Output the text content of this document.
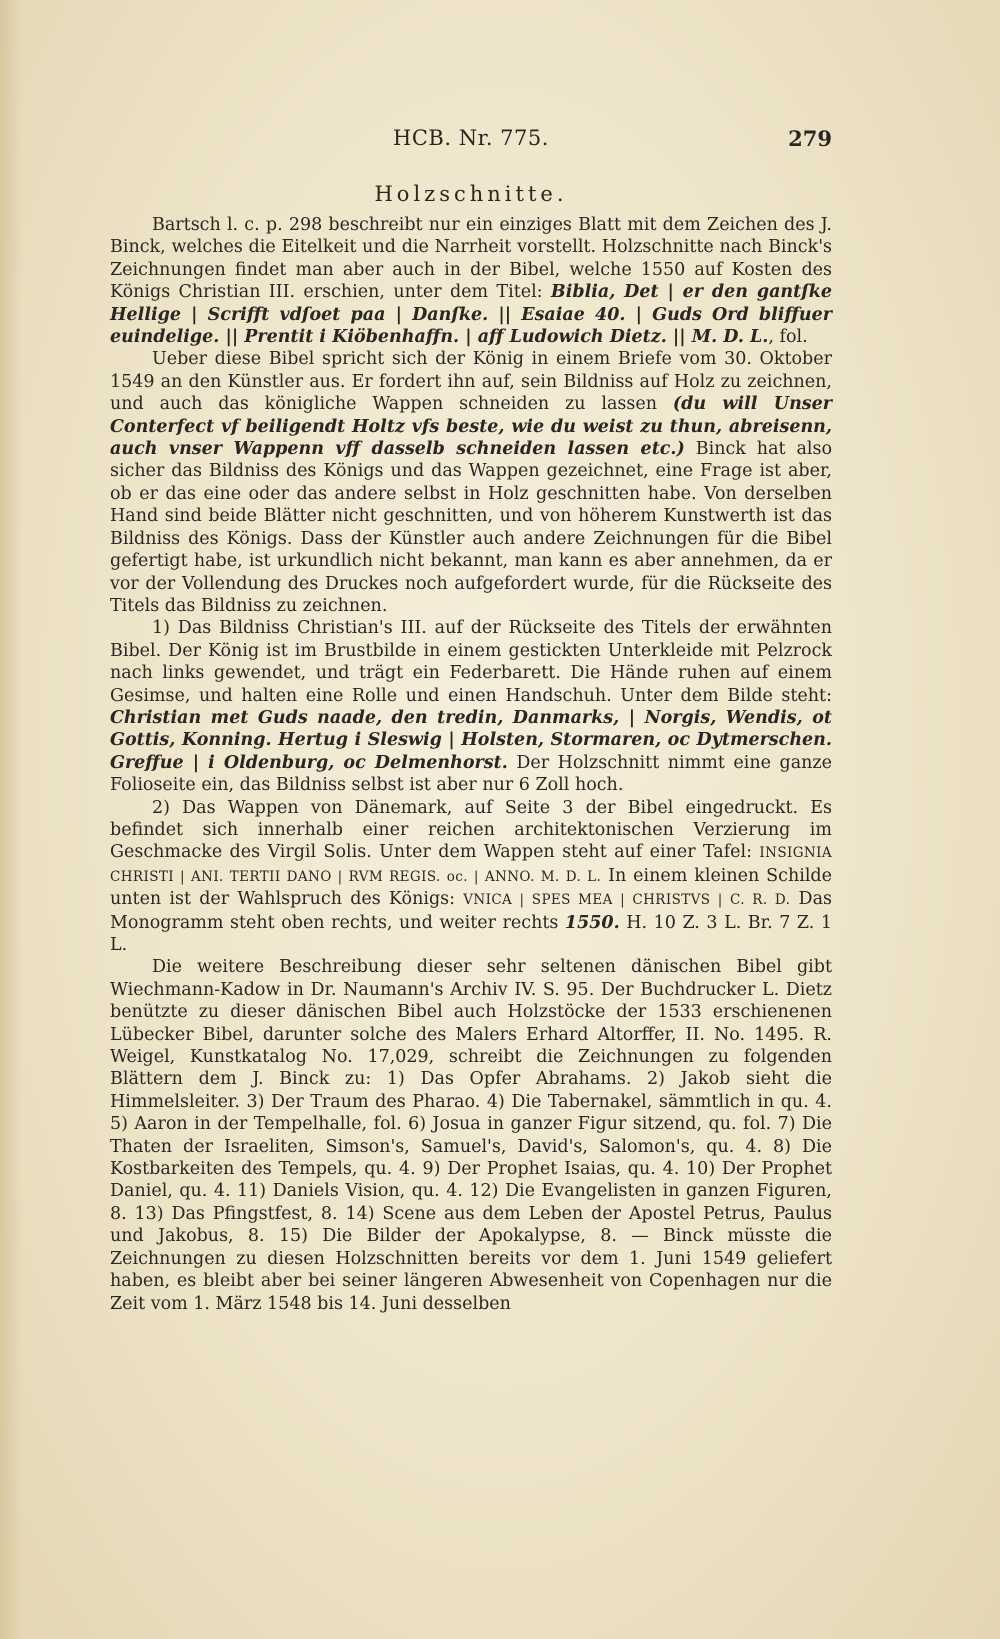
HCB. Nr. 775.	279
Holzschnitte.

Bartsch l. c. p. 298 beschreibt nur ein einziges Blatt mit dem Zeichen des J. Binck, welches die Eitelkeit und die Narrheit vorstellt. Holzschnitte nach Binck's Zeichnungen findet man aber auch in der Bibel, welche 1550 auf Kosten des Königs Christian III. erschien, unter dem Titel: Biblia, Det | er den gantſke Hellige | Scrifft vdſoet paa | Danſke. || Esaiae 40. | Guds Ord bliffuer euindelige. || Prentit i Kiöbenhaffn. | aff Ludowich Dietz. || M. D. L., fol.

Ueber diese Bibel spricht sich der König in einem Briefe vom 30. Oktober 1549 an den Künstler aus. Er fordert ihn auf, sein Bildniss auf Holz zu zeichnen, und auch das königliche Wappen schneiden zu lassen (du will Unser Conterfect vf beiligendt Holtz vfs beste, wie du weist zu thun, abreisenn, auch vnser Wappenn vff dasselb schneiden lassen etc.) Binck hat also sicher das Bildniss des Königs und das Wappen gezeichnet, eine Frage ist aber, ob er das eine oder das andere selbst in Holz geschnitten habe. Von derselben Hand sind beide Blätter nicht geschnitten, und von höherem Kunstwerth ist das Bildniss des Königs. Dass der Künstler auch andere Zeichnungen für die Bibel gefertigt habe, ist urkundlich nicht bekannt, man kann es aber annehmen, da er vor der Vollendung des Druckes noch aufgefordert wurde, für die Rückseite des Titels das Bildniss zu zeichnen.

1) Das Bildniss Christian's III. auf der Rückseite des Titels der erwähnten Bibel. Der König ist im Brustbilde in einem gestickten Unterkleide mit Pelzrock nach links gewendet, und trägt ein Federbarett. Die Hände ruhen auf einem Gesimse, und halten eine Rolle und einen Handschuh. Unter dem Bilde steht: Christian met Guds naade, den tredin, Danmarks, | Norgis, Wendis, ot Gottis, Konning. Hertug i Sleswig | Holsten, Stormaren, oc Dytmerschen. Greffue | i Oldenburg, oc Delmenhorst. Der Holzschnitt nimmt eine ganze Folioseite ein, das Bildniss selbst ist aber nur 6 Zoll hoch.

2) Das Wappen von Dänemark, auf Seite 3 der Bibel eingedruckt. Es befindet sich innerhalb einer reichen architektonischen Verzierung im Geschmacke des Virgil Solis. Unter dem Wappen steht auf einer Tafel: INSIGNIA CHRISTI | ANI. TERTII DANO | RVM REGIS. oc. | ANNO. M. D. L. In einem kleinen Schilde unten ist der Wahlspruch des Königs: VNICA | SPES MEA | CHRISTVS | C. R. D. Das Monogramm steht oben rechts, und weiter rechts 1550. H. 10 Z. 3 L. Br. 7 Z. 1 L.

Die weitere Beschreibung dieser sehr seltenen dänischen Bibel gibt Wiechmann-Kadow in Dr. Naumann's Archiv IV. S. 95. Der Buchdrucker L. Dietz benützte zu dieser dänischen Bibel auch Holzstöcke der 1533 erschienenen Lübecker Bibel, darunter solche des Malers Erhard Altorffer, II. No. 1495. R. Weigel, Kunstkatalog No. 17,029, schreibt die Zeichnungen zu folgenden Blättern dem J. Binck zu: 1) Das Opfer Abrahams. 2) Jakob sieht die Himmelsleiter. 3) Der Traum des Pharao. 4) Die Tabernakel, sämmtlich in qu. 4. 5) Aaron in der Tempelhalle, fol. 6) Josua in ganzer Figur sitzend, qu. fol. 7) Die Thaten der Israeliten, Simson's, Samuel's, David's, Salomon's, qu. 4. 8) Die Kostbarkeiten des Tempels, qu. 4. 9) Der Prophet Isaias, qu. 4. 10) Der Prophet Daniel, qu. 4. 11) Daniels Vision, qu. 4. 12) Die Evangelisten in ganzen Figuren, 8. 13) Das Pfingstfest, 8. 14) Scene aus dem Leben der Apostel Petrus, Paulus und Jakobus, 8. 15) Die Bilder der Apokalypse, 8. — Binck müsste die Zeichnungen zu diesen Holzschnitten bereits vor dem 1. Juni 1549 geliefert haben, es bleibt aber bei seiner längeren Abwesenheit von Copenhagen nur die Zeit vom 1. März 1548 bis 14. Juni desselben
